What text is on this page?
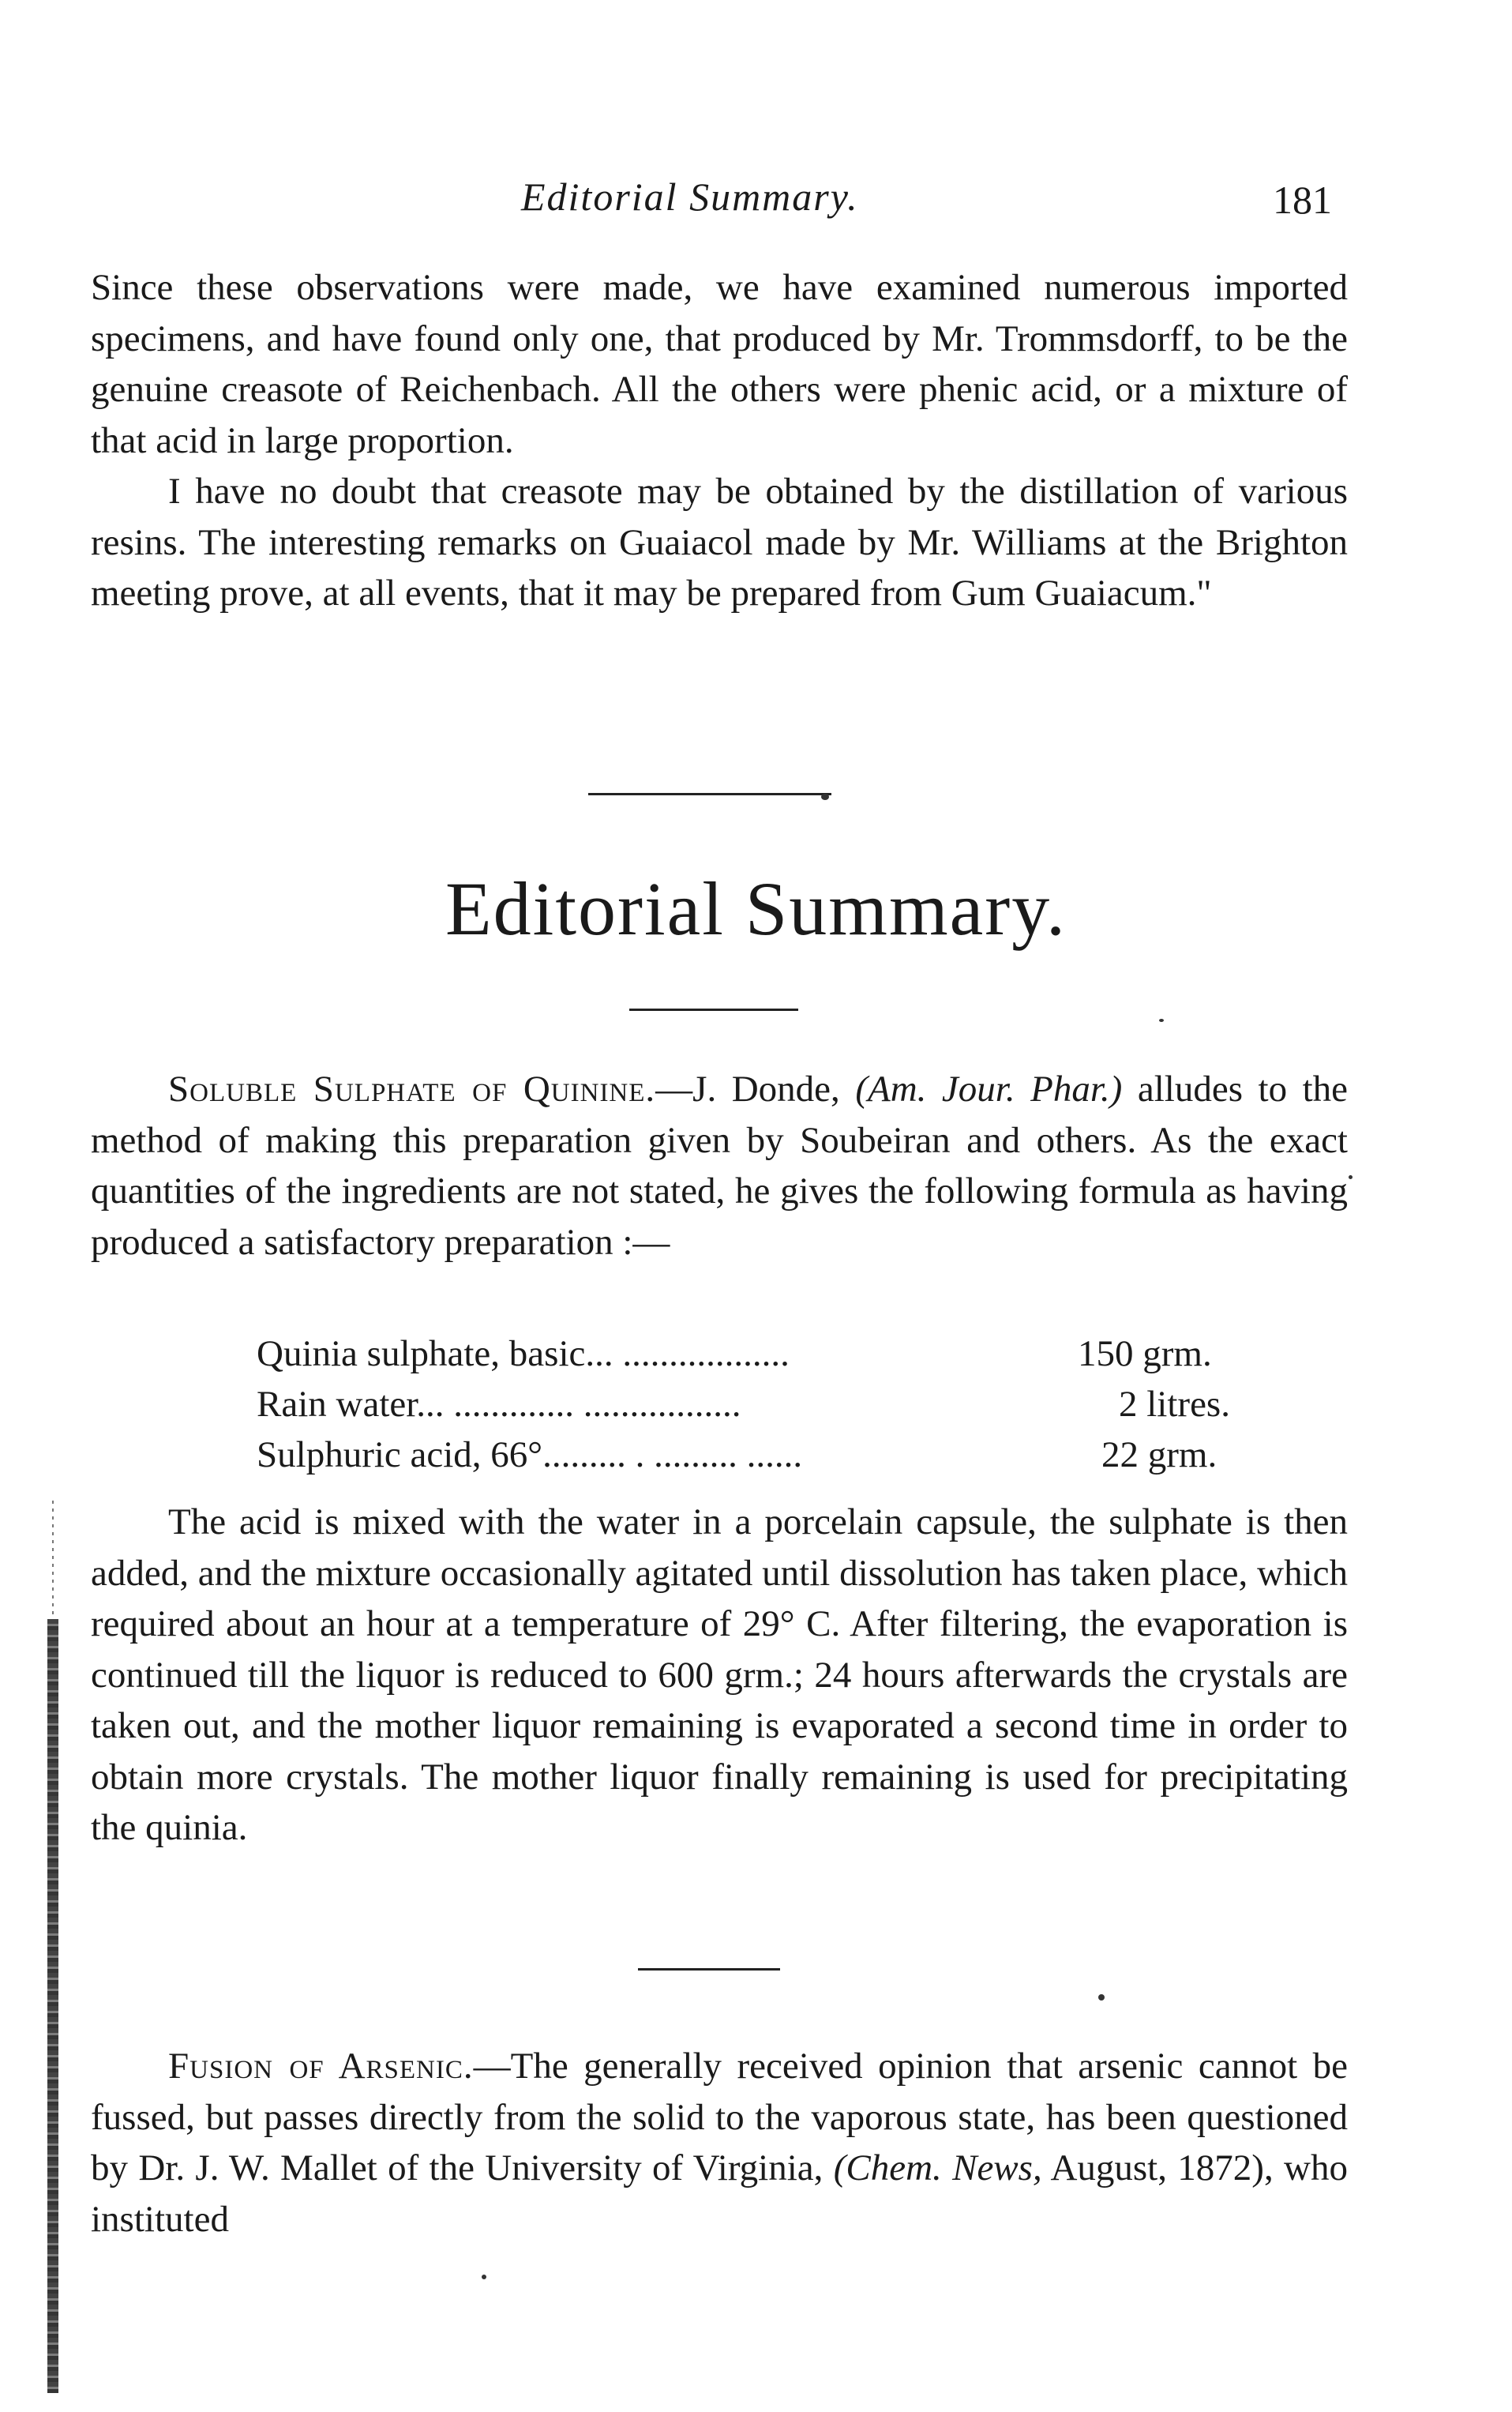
Editorial Summary.	181

Since these observations were made, we have examined numerous imported specimens, and have found only one, that produced by Mr. Trommsdorff, to be the genuine creasote of Reichenbach. All the others were phenic acid, or a mixture of that acid in large proportion.

I have no doubt that creasote may be obtained by the distillation of various resins. The interesting remarks on Guaiacol made by Mr. Williams at the Brighton meeting prove, at all events, that it may be prepared from Gum Guaiacum."

Editorial Summary.

Soluble Sulphate of Quinine.—J. Donde, (Am. Jour. Phar.) alludes to the method of making this preparation given by Soubeiran and others. As the exact quantities of the ingredients are not stated, he gives the following formula as having produced a satisfactory preparation :—

Quinia sulphate, basic... ..................	150 grm.
Rain water... ............. .................	2 litres.
Sulphuric acid, 66°......... . ......... ......	22 grm.

The acid is mixed with the water in a porcelain capsule, the sulphate is then added, and the mixture occasionally agitated until dissolution has taken place, which required about an hour at a temperature of 29° C. After filtering, the evaporation is continued till the liquor is reduced to 600 grm.; 24 hours afterwards the crystals are taken out, and the mother liquor remaining is evaporated a second time in order to obtain more crystals. The mother liquor finally remaining is used for precipitating the quinia.

Fusion of Arsenic.—The generally received opinion that arsenic cannot be fussed, but passes directly from the solid to the vaporous state, has been questioned by Dr. J. W. Mallet of the University of Virginia, (Chem. News, August, 1872), who instituted
